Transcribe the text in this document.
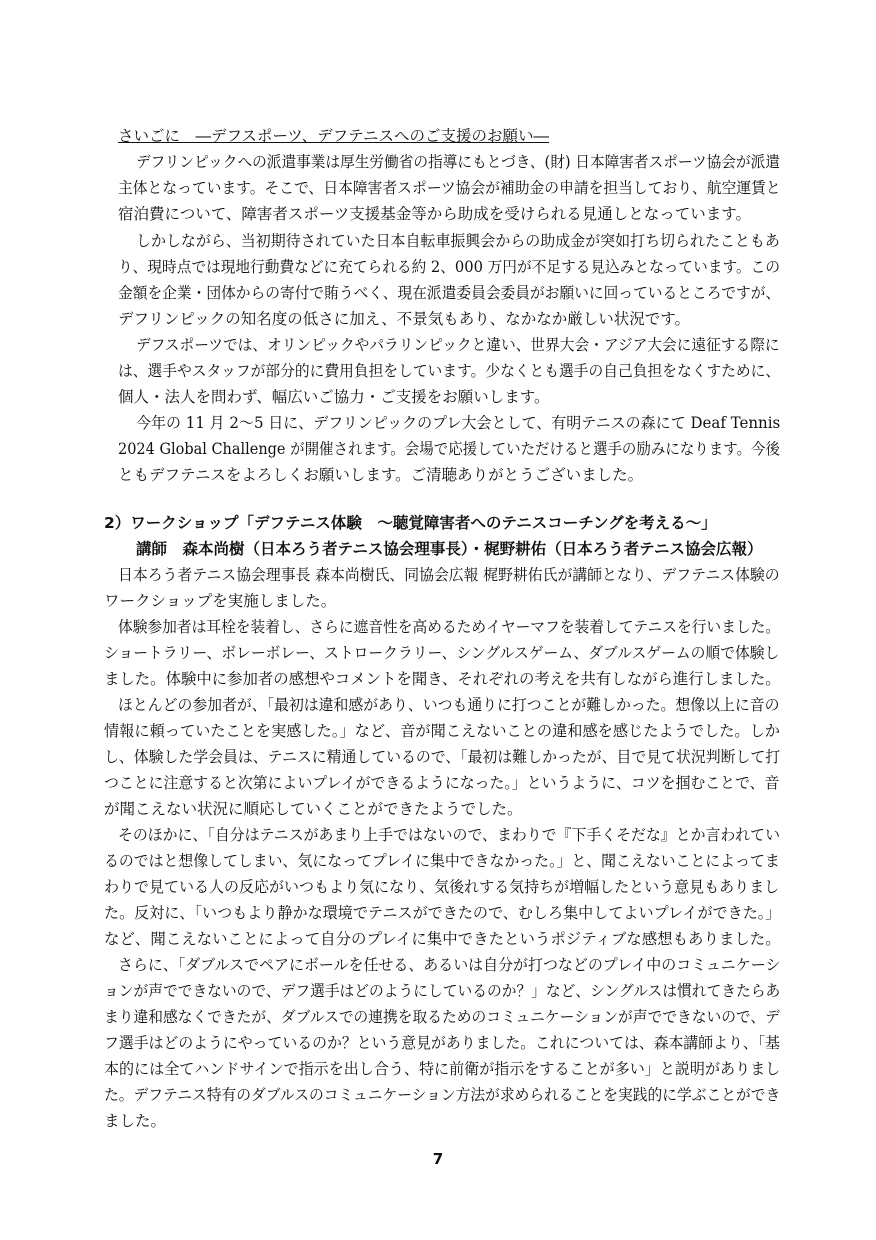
さいごに　―デフスポーツ、デフテニスへのご支援のお願い―
デフリンピックへの派遣事業は厚生労働省の指導にもとづき、(財) 日本障害者スポーツ協会が派遣
主体となっています。そこで、日本障害者スポーツ協会が補助金の申請を担当しており、航空運賃と
宿泊費について、障害者スポーツ支援基金等から助成を受けられる見通しとなっています。
しかしながら、当初期待されていた日本自転車振興会からの助成金が突如打ち切られたこともあ
り、現時点では現地行動費などに充てられる約 2、000 万円が不足する見込みとなっています。この
金額を企業・団体からの寄付で賄うべく、現在派遣委員会委員がお願いに回っているところですが、
デフリンピックの知名度の低さに加え、不景気もあり、なかなか厳しい状況です。
デフスポーツでは、オリンピックやパラリンピックと違い、世界大会・アジア大会に遠征する際に
は、選手やスタッフが部分的に費用負担をしています。少なくとも選手の自己負担をなくすために、
個人・法人を問わず、幅広いご協力・ご支援をお願いします。
今年の 11 月 2～5 日に、デフリンピックのプレ大会として、有明テニスの森にて Deaf Tennis
2024 Global Challenge が開催されます。会場で応援していただけると選手の励みになります。今後
ともデフテニスをよろしくお願いします。ご清聴ありがとうございました。
2）ワークショップ「デフテニス体験　～聴覚障害者へのテニスコーチングを考える～」
講師　森本尚樹（日本ろう者テニス協会理事長）・梶野耕佑（日本ろう者テニス協会広報）
日本ろう者テニス協会理事長 森本尚樹氏、同協会広報 梶野耕佑氏が講師となり、デフテニス体験の
ワークショップを実施しました。
体験参加者は耳栓を装着し、さらに遮音性を高めるためイヤーマフを装着してテニスを行いました。
ショートラリー、ボレーボレー、ストロークラリー、シングルスゲーム、ダブルスゲームの順で体験し
ました。体験中に参加者の感想やコメントを聞き、それぞれの考えを共有しながら進行しました。
ほとんどの参加者が、「最初は違和感があり、いつも通りに打つことが難しかった。想像以上に音の
情報に頼っていたことを実感した。」など、音が聞こえないことの違和感を感じたようでした。しか
し、体験した学会員は、テニスに精通しているので、「最初は難しかったが、目で見て状況判断して打
つことに注意すると次第によいプレイができるようになった。」というように、コツを掴むことで、音
が聞こえない状況に順応していくことができたようでした。
そのほかに、「自分はテニスがあまり上手ではないので、まわりで『下手くそだな』とか言われてい
るのではと想像してしまい、気になってプレイに集中できなかった。」と、聞こえないことによってま
わりで見ている人の反応がいつもより気になり、気後れする気持ちが増幅したという意見もありまし
た。反対に、「いつもより静かな環境でテニスができたので、むしろ集中してよいプレイができた。」
など、聞こえないことによって自分のプレイに集中できたというポジティブな感想もありました。
さらに、「ダブルスでペアにボールを任せる、あるいは自分が打つなどのプレイ中のコミュニケーシ
ョンが声でできないので、デフ選手はどのようにしているのか？」など、シングルスは慣れてきたらあ
まり違和感なくできたが、ダブルスでの連携を取るためのコミュニケーションが声でできないので、デ
フ選手はどのようにやっているのか？という意見がありました。これについては、森本講師より、「基
本的には全てハンドサインで指示を出し合う、特に前衛が指示をすることが多い」と説明がありまし
た。デフテニス特有のダブルスのコミュニケーション方法が求められることを実践的に学ぶことができ
ました。
7
